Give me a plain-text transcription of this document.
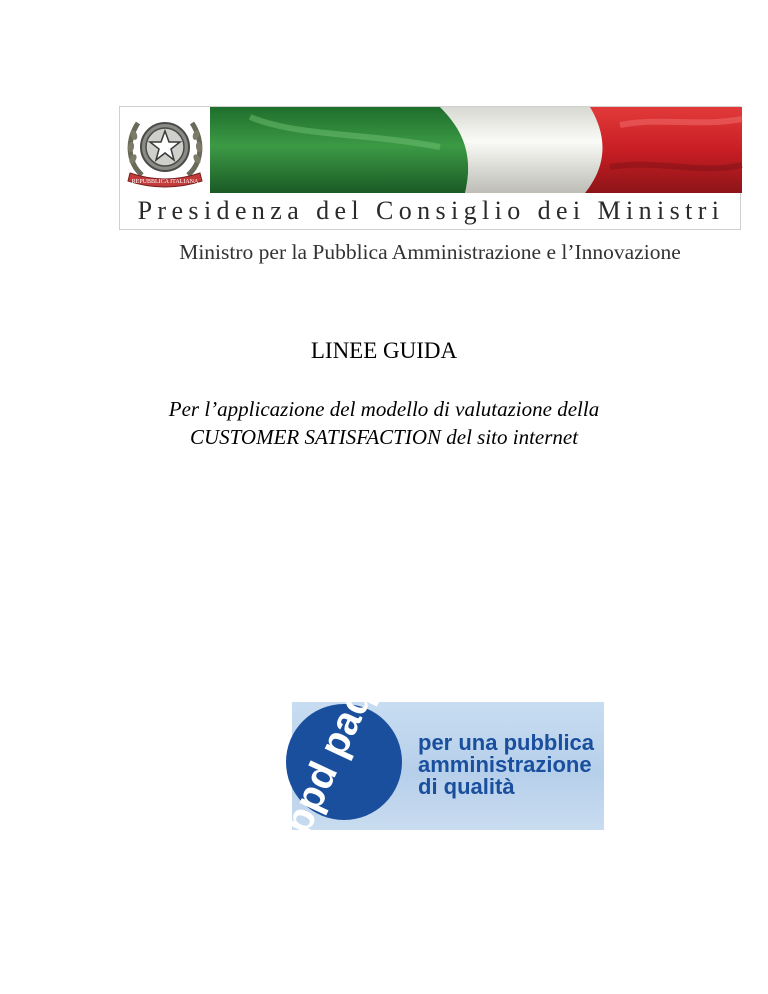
REPUBBLICA ITALIANA
Presidenza del Consiglio dei Ministri
Ministro per la Pubblica Amministrazione e l’Innovazione
LINEE GUIDA
Per l’applicazione del modello di valutazione della
CUSTOMER SATISFACTION del sito internet
bpd paq per una pubblica
amministrazione
di qualità
